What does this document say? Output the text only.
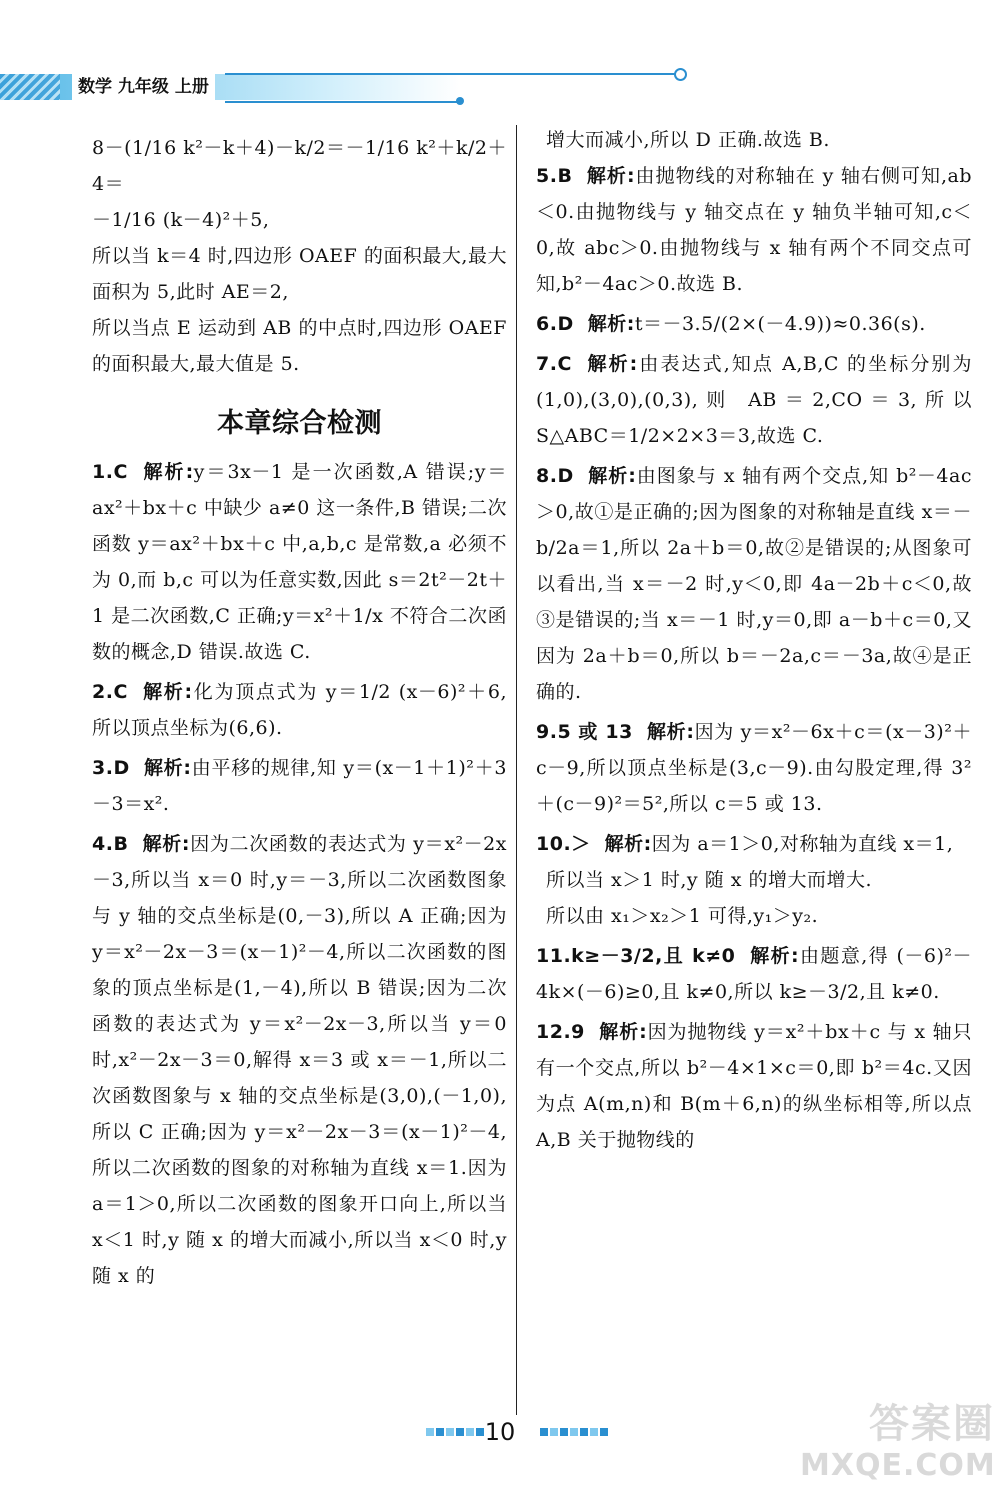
数学 九年级 上册

8－(1/16 k²－k＋4)－k/2＝－1/16 k²＋k/2＋4＝

－1/16 (k－4)²＋5,

所以当 k＝4 时,四边形 OAEF 的面积最大,最大面积为 5,此时 AE＝2,

所以当点 E 运动到 AB 的中点时,四边形 OAEF 的面积最大,最大值是 5.

本章综合检测

1.C 解析:y＝3x－1 是一次函数,A 错误;y＝ax²＋bx＋c 中缺少 a≠0 这一条件,B 错误;二次函数 y＝ax²＋bx＋c 中,a,b,c 是常数,a 必须不为 0,而 b,c 可以为任意实数,因此 s＝2t²－2t＋1 是二次函数,C 正确;y＝x²＋1/x 不符合二次函数的概念,D 错误.故选 C.

2.C 解析:化为顶点式为 y＝1/2 (x－6)²＋6,所以顶点坐标为(6,6).

3.D 解析:由平移的规律,知 y＝(x－1＋1)²＋3－3＝x².

4.B 解析:因为二次函数的表达式为 y＝x²－2x－3,所以当 x＝0 时,y＝－3,所以二次函数图象与 y 轴的交点坐标是(0,－3),所以 A 正确;因为 y＝x²－2x－3＝(x－1)²－4,所以二次函数的图象的顶点坐标是(1,－4),所以 B 错误;因为二次函数的表达式为 y＝x²－2x－3,所以当 y＝0 时,x²－2x－3＝0,解得 x＝3 或 x＝－1,所以二次函数图象与 x 轴的交点坐标是(3,0),(－1,0),所以 C 正确;因为 y＝x²－2x－3＝(x－1)²－4,所以二次函数的图象的对称轴为直线 x＝1.因为 a＝1＞0,所以二次函数的图象开口向上,所以当 x＜1 时,y 随 x 的增大而减小,所以当 x＜0 时,y 随 x 的

增大而减小,所以 D 正确.故选 B.

5.B 解析:由抛物线的对称轴在 y 轴右侧可知,ab＜0.由抛物线与 y 轴交点在 y 轴负半轴可知,c＜0,故 abc＞0.由抛物线与 x 轴有两个不同交点可知,b²－4ac＞0.故选 B.

6.D 解析:t＝－3.5/(2×(－4.9))≈0.36(s).

7.C 解析:由表达式,知点 A,B,C 的坐标分别为(1,0),(3,0),(0,3),则 AB＝2,CO＝3,所以 S△ABC＝1/2×2×3＝3,故选 C.

8.D 解析:由图象与 x 轴有两个交点,知 b²－4ac＞0,故①是正确的;因为图象的对称轴是直线 x＝－b/2a＝1,所以 2a＋b＝0,故②是错误的;从图象可以看出,当 x＝－2 时,y＜0,即 4a－2b＋c＜0,故③是错误的;当 x＝－1 时,y＝0,即 a－b＋c＝0,又因为 2a＋b＝0,所以 b＝－2a,c＝－3a,故④是正确的.

9.5 或 13 解析:因为 y＝x²－6x＋c＝(x－3)²＋c－9,所以顶点坐标是(3,c－9).由勾股定理,得 3²＋(c－9)²＝5²,所以 c＝5 或 13.

10.＞ 解析:因为 a＝1＞0,对称轴为直线 x＝1,

所以当 x＞1 时,y 随 x 的增大而增大.

所以由 x₁＞x₂＞1 可得,y₁＞y₂.

11.k≥－3/2,且 k≠0 解析:由题意,得 (－6)²－4k×(－6)≥0,且 k≠0,所以 k≥－3/2,且 k≠0.

12.9 解析:因为抛物线 y＝x²＋bx＋c 与 x 轴只有一个交点,所以 b²－4×1×c＝0,即 b²＝4c.又因为点 A(m,n)和 B(m＋6,n)的纵坐标相等,所以点 A,B 关于抛物线的

10	答案圈
MXQE.COM
